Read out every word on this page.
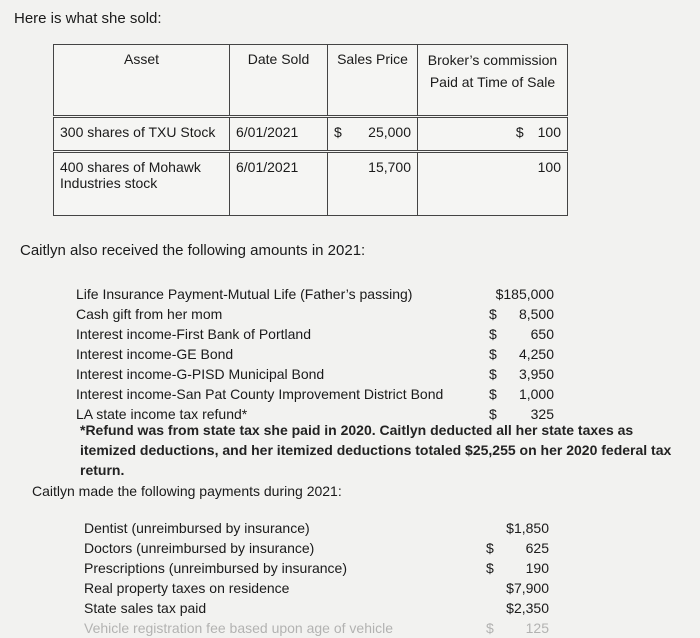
Here is what she sold:
Asset	Date Sold	Sales Price	Broker’s commission
Paid at Time of Sale

300 shares of TXU Stock	6/01/2021	$ 25,000	$ 100

400 shares of Mohawk Industries stock	6/01/2021	15,700	100
Caitlyn also received the following amounts in 2021:
Life Insurance Payment-Mutual Life (Father’s passing)	$185,000
Cash gift from her mom	$ 8,500
Interest income-First Bank of Portland	$ 650
Interest income-GE Bond	$ 4,250
Interest income-G-PISD Municipal Bond	$ 3,950
Interest income-San Pat County Improvement District Bond	$ 1,000
LA state income tax refund*	$ 325
*Refund was from state tax she paid in 2020. Caitlyn deducted all her state taxes as itemized deductions, and her itemized deductions totaled $25,255 on her 2020 federal tax return.
Caitlyn made the following payments during 2021:
Dentist (unreimbursed by insurance)	$1,850
Doctors (unreimbursed by insurance)	$ 625
Prescriptions (unreimbursed by insurance)	$ 190
Real property taxes on residence	$7,900
State sales tax paid	$2,350
Vehicle registration fee based upon age of vehicle	$ 125
